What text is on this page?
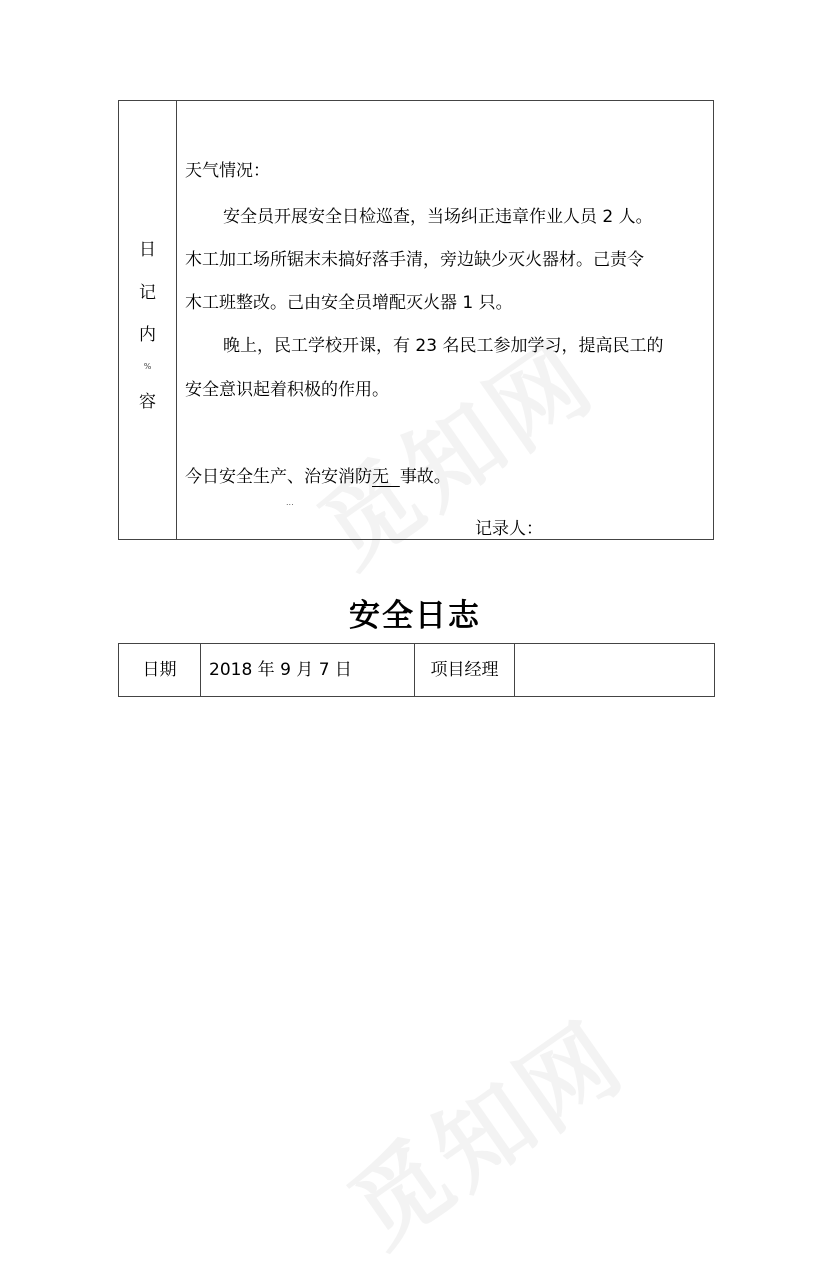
日
记
内
%
容
天气情况：
安全员开展安全日检巡查，当场纠正违章作业人员 2 人。
木工加工场所锯末未搞好落手清，旁边缺少灭火器材。己责令
木工班整改。己由安全员增配灭火器 1 只。
晚上，民工学校开课，有 23 名民工参加学习，提高民工的
安全意识起着积极的作用。
今日安全生产、治安消防无 事故。
...
记录人：
安全日志
日期	2018 年 9 月 7 日	项目经理
